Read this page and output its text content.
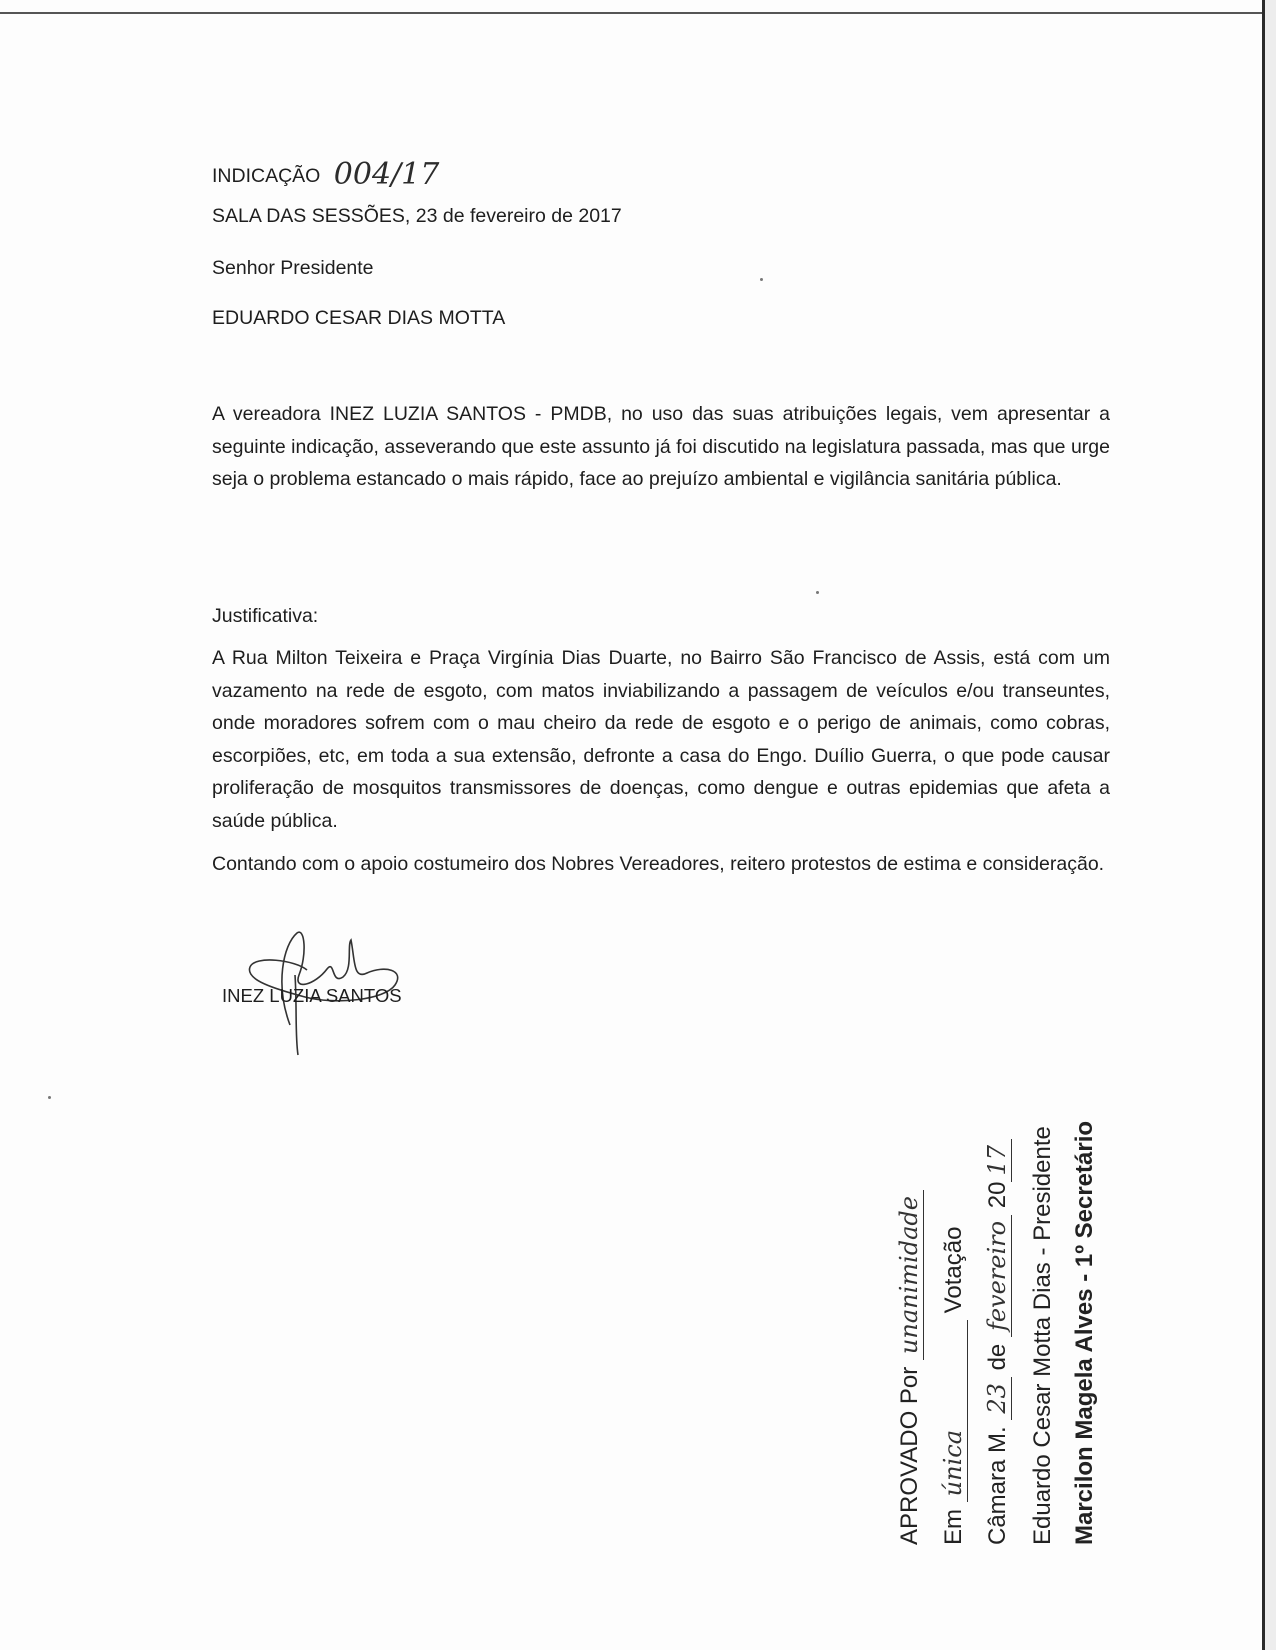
INDICAÇÃO 004/17
SALA DAS SESSÕES, 23 de fevereiro de 2017
Senhor Presidente
EDUARDO CESAR DIAS MOTTA
A vereadora INEZ LUZIA SANTOS - PMDB, no uso das suas atribuições legais, vem apresentar a seguinte indicação, asseverando que este assunto já foi discutido na legislatura passada, mas que urge seja o problema estancado o mais rápido, face ao prejuízo ambiental e vigilância sanitária pública.
Justificativa:
A Rua Milton Teixeira e Praça Virgínia Dias Duarte, no Bairro São Francisco de Assis, está com um vazamento na rede de esgoto, com matos inviabilizando a passagem de veículos e/ou transeuntes, onde moradores sofrem com o mau cheiro da rede de esgoto e o perigo de animais, como cobras, escorpiões, etc, em toda a sua extensão, defronte a casa do Engo. Duílio Guerra, o que pode causar proliferação de mosquitos transmissores de doenças, como dengue e outras epidemias que afeta a saúde pública.
Contando com o apoio costumeiro dos Nobres Vereadores, reitero protestos de estima e consideração.
INEZ LUZIA SANTOS
APROVADO Por unanimidade
Em única Votação
Câmara M. 23 de fevereiro 2017 Eduardo Cesar Motta Dias - Presidente Marcilon Magela Alves - 1º Secretário
